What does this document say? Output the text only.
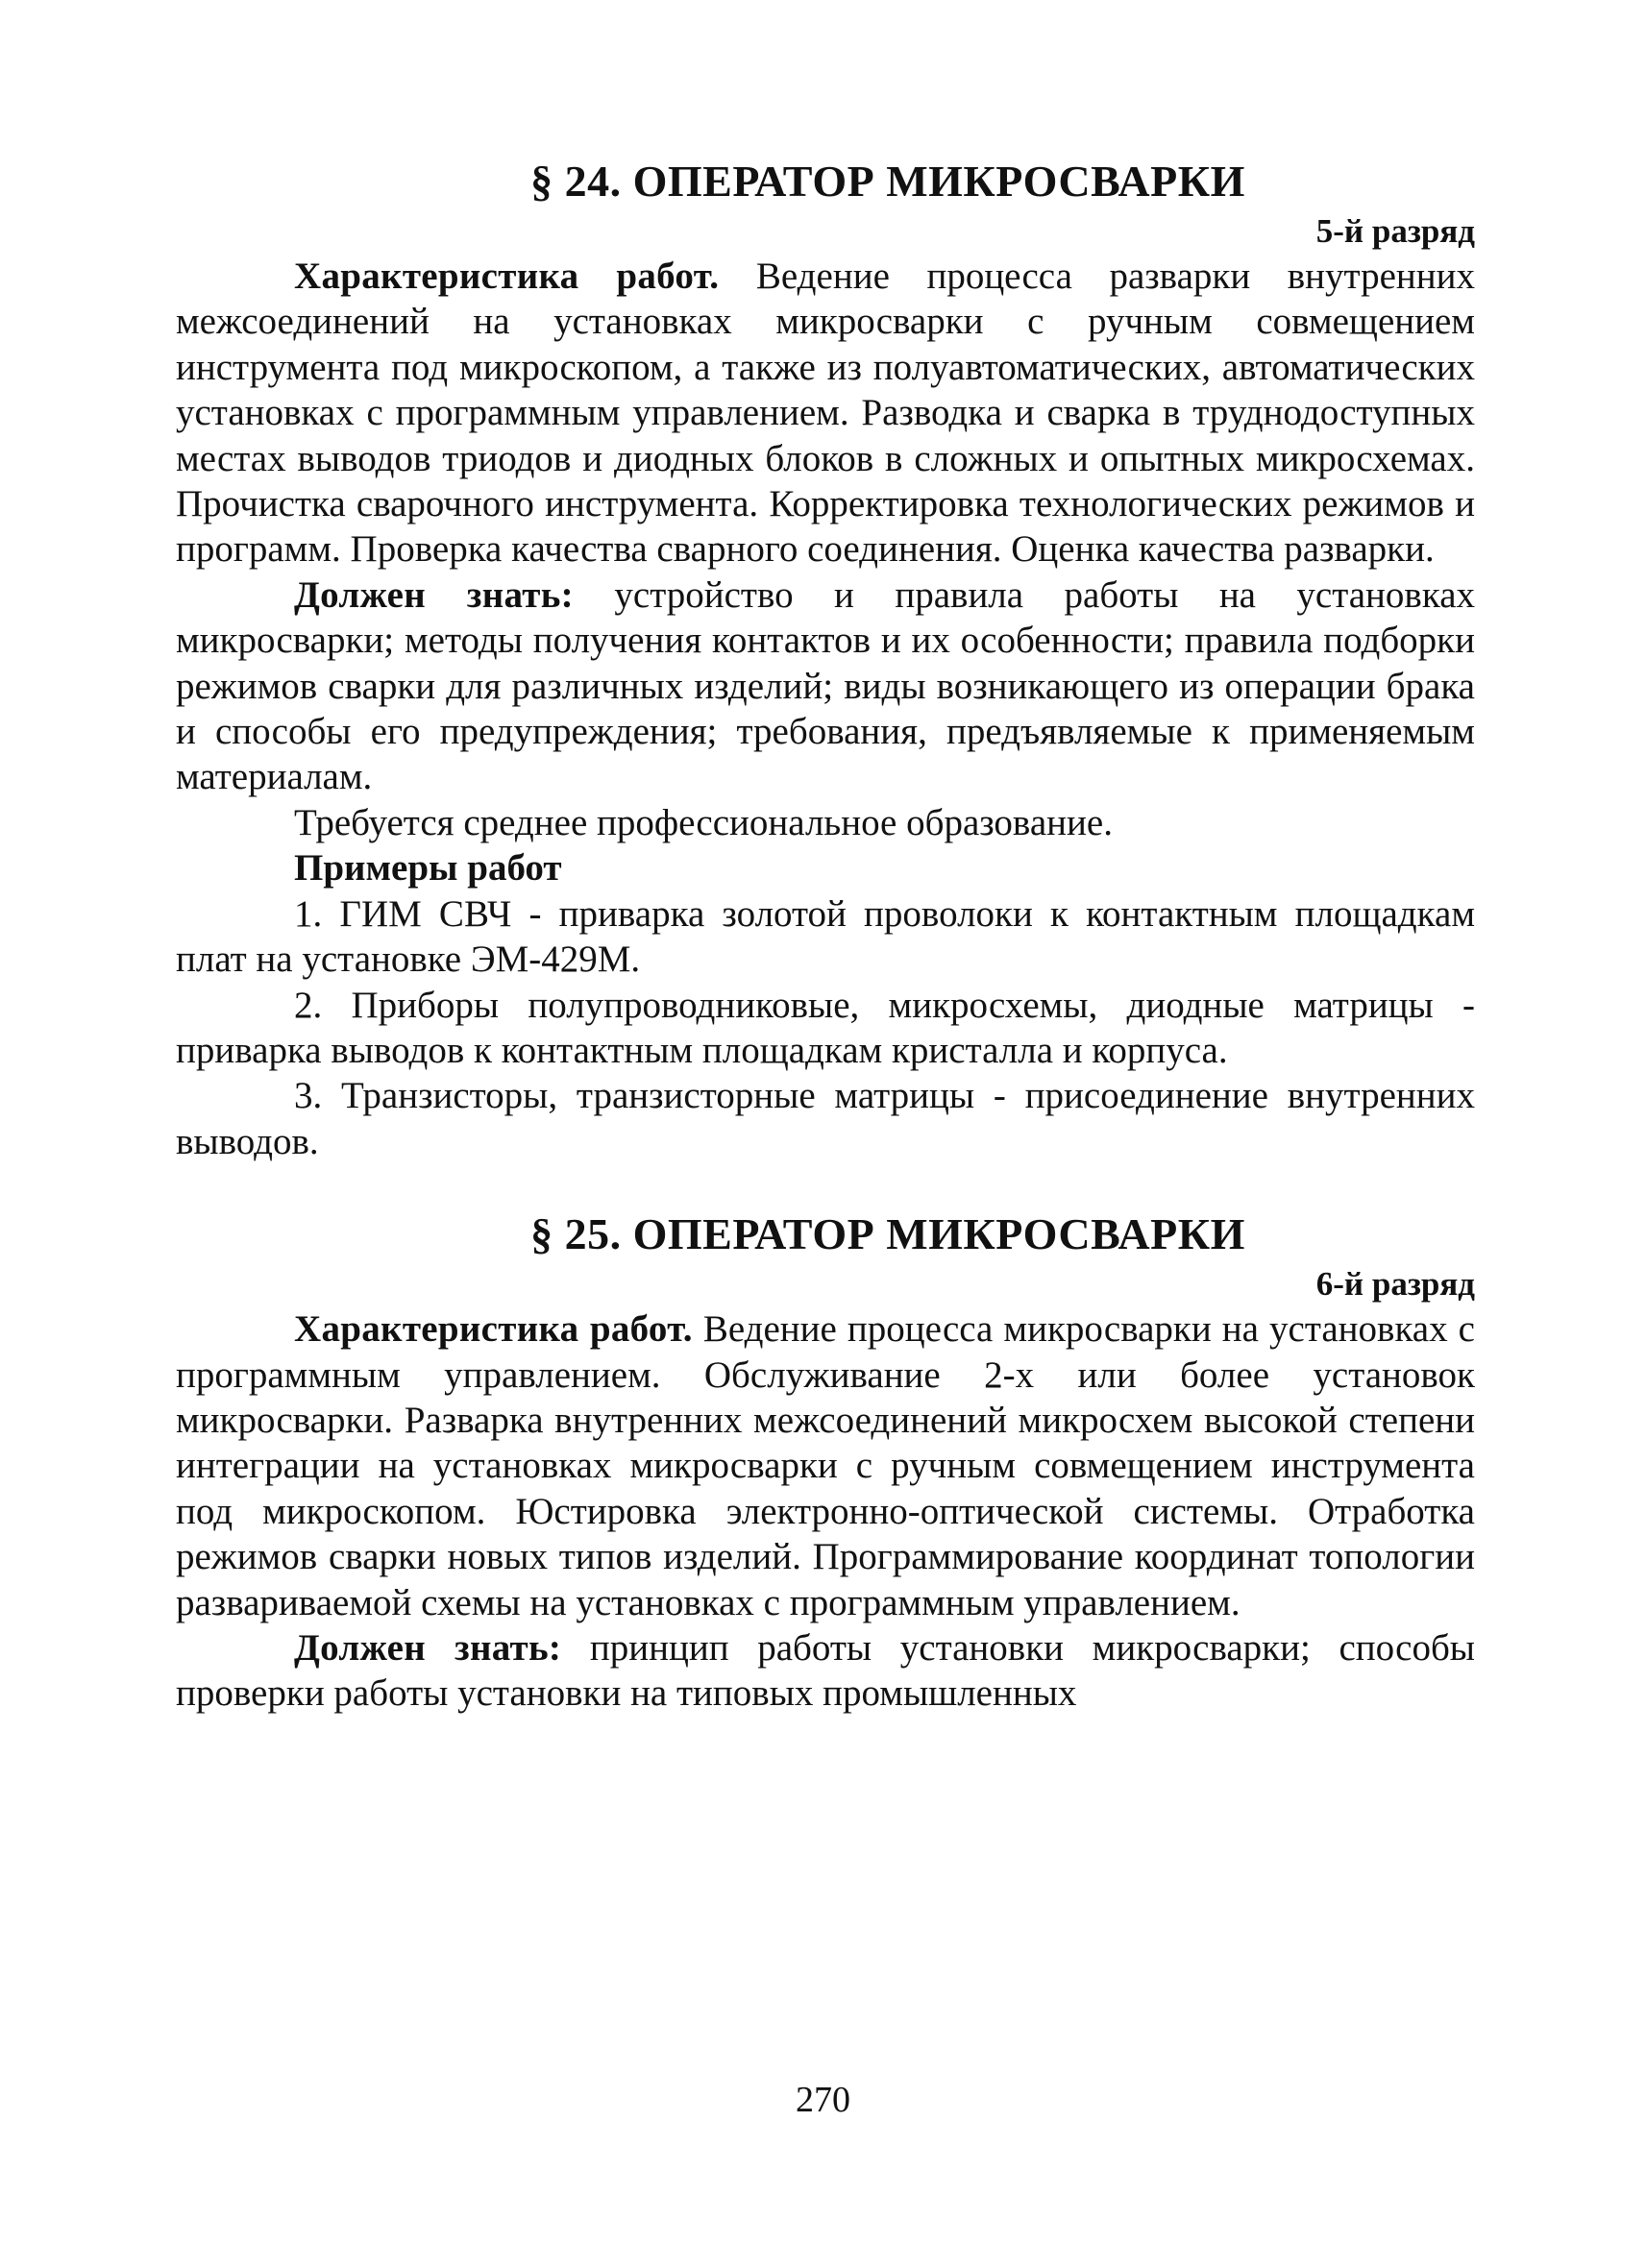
§ 24. ОПЕРАТОР МИКРОСВАРКИ
5-й разряд

Характеристика работ. Ведение процесса разварки внутренних межсоединений на установках микросварки с ручным совмещением инструмента под микроскопом, а также из полуавтоматических, автоматических установках с программным управлением. Разводка и сварка в труднодоступных местах выводов триодов и диодных блоков в сложных и опытных микросхемах. Прочистка сварочного инструмента. Корректировка технологических режимов и программ. Проверка качества сварного соединения. Оценка качества разварки.

Должен знать: устройство и правила работы на установках микросварки; методы получения контактов и их особенности; правила подборки режимов сварки для различных изделий; виды возникающего из операции брака и способы его предупреждения; требования, предъявляемые к применяемым материалам.

Требуется среднее профессиональное образование.

Примеры работ

1. ГИМ СВЧ - приварка золотой проволоки к контактным площадкам плат на установке ЭМ-429М.

2. Приборы полупроводниковые, микросхемы, диодные матрицы - приварка выводов к контактным площадкам кристалла и корпуса.

3. Транзисторы, транзисторные матрицы - присоединение внутренних выводов.

§ 25. ОПЕРАТОР МИКРОСВАРКИ
6-й разряд

Характеристика работ. Ведение процесса микросварки на установках с программным управлением. Обслуживание 2-х или более установок микросварки. Разварка внутренних межсоединений микросхем высокой степени интеграции на установках микросварки с ручным совмещением инструмента под микроскопом. Юстировка электронно-оптической системы. Отработка режимов сварки новых типов изделий. Программирование координат топологии развариваемой схемы на установках с программным управлением.

Должен знать: принцип работы установки микросварки; способы проверки работы установки на типовых промышленных

270
